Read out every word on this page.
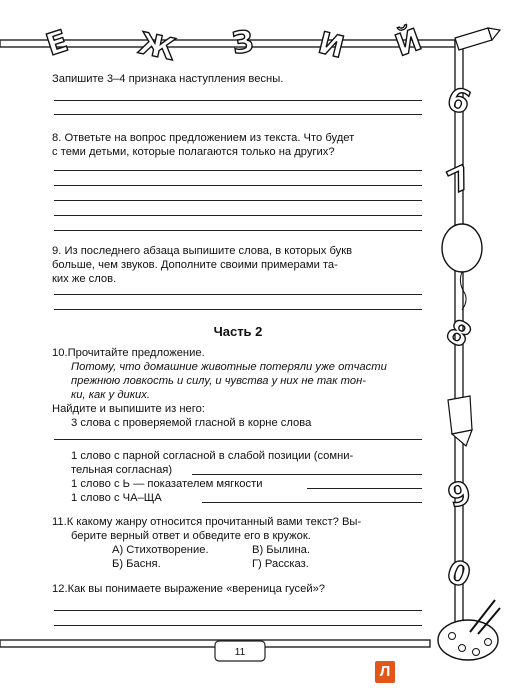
Е Ж З И Й
6
7
8
9
0
11
Л

Запишите 3–4 признака наступления весны.

8. Ответьте на вопрос предложением из текста. Что будет

с теми детьми, которые полагаются только на других?

9. Из последнего абзаца выпишите слова, в которых букв

больше, чем звуков. Дополните своими примерами та-

ких же слов.

Часть 2

10.Прочитайте предложение.

Потому, что домашние животные потеряли уже отчасти

прежнюю ловкость и силу, и чувства у них не так тон-

ки, как у диких.

Найдите и выпишите из него:

3 слова с проверяемой гласной в корне слова

1 слово с парной согласной в слабой позиции (сомни-

тельная согласная)

1 слово с Ь — показателем мягкости

1 слово с ЧА–ЩА

11.К какому жанру относится прочитанный вами текст? Вы-

берите верный ответ и обведите его в кружок.

А) Стихотворение.	В) Былина.
Б) Басня.	Г) Рассказ.

12.Как вы понимаете выражение «вереница гусей»?
